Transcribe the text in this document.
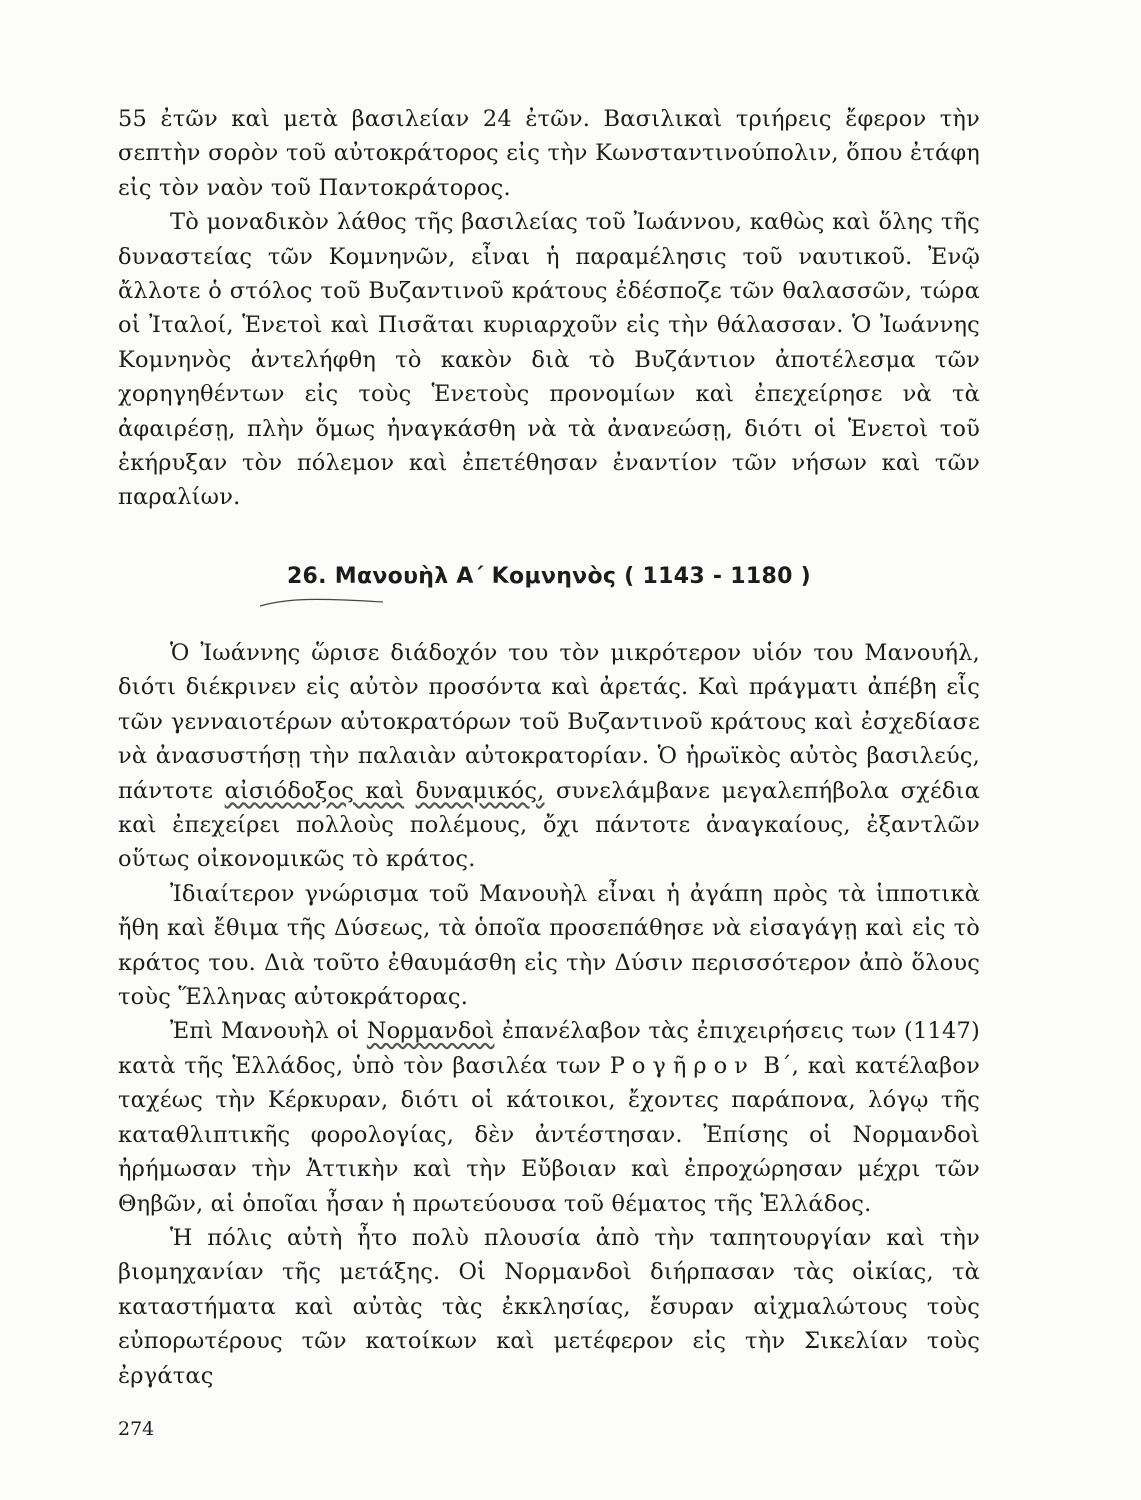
55 ἐτῶν καὶ μετὰ βασιλείαν 24 ἐτῶν. Βασιλικαὶ τριήρεις ἔφερον τὴν σεπτὴν σορὸν τοῦ αὐτοκράτορος εἰς τὴν Κωνσταντινούπολιν, ὅπου ἐτάφη εἰς τὸν ναὸν τοῦ Παντοκράτορος.

Τὸ μοναδικὸν λάθος τῆς βασιλείας τοῦ Ἰωάννου, καθὼς καὶ ὅλης τῆς δυναστείας τῶν Κομνηνῶν, εἶναι ἡ παραμέλησις τοῦ ναυτικοῦ. Ἐνῷ ἄλλοτε ὁ στόλος τοῦ Βυζαντινοῦ κράτους ἐδέσποζε τῶν θαλασσῶν, τώρα οἱ Ἰταλοί, Ἑνετοὶ καὶ Πισᾶται κυριαρχοῦν εἰς τὴν θάλασσαν. Ὁ Ἰωάννης Κομνηνὸς ἀντελήφθη τὸ κακὸν διὰ τὸ Βυζάντιον ἀποτέλεσμα τῶν χορηγηθέντων εἰς τοὺς Ἑνετοὺς προνομίων καὶ ἐπεχείρησε νὰ τὰ ἀφαιρέσῃ, πλὴν ὅμως ἠναγκάσθη νὰ τὰ ἀνανεώσῃ, διότι οἱ Ἑνετοὶ τοῦ ἐκήρυξαν τὸν πόλεμον καὶ ἐπετέθησαν ἐναντίον τῶν νήσων καὶ τῶν παραλίων.

26. Μανουὴλ Α΄ Κομνηνὸς ( 1143 - 1180 )

Ὁ Ἰωάννης ὥρισε διάδοχόν του τὸν μικρότερον υἱόν του Μανουήλ, διότι διέκρινεν εἰς αὐτὸν προσόντα καὶ ἀρετάς. Καὶ πράγματι ἀπέβη εἷς τῶν γενναιοτέρων αὐτοκρατόρων τοῦ Βυζαντινοῦ κράτους καὶ ἐσχεδίασε νὰ ἀνασυστήσῃ τὴν παλαιὰν αὐτοκρατορίαν. Ὁ ἡρωϊκὸς αὐτὸς βασιλεύς, πάντοτε αἰσιόδοξος καὶ δυναμικός, συνελάμβανε μεγαλεπήβολα σχέδια καὶ ἐπεχείρει πολλοὺς πολέμους, ὄχι πάντοτε ἀναγκαίους, ἐξαντλῶν οὕτως οἰκονομικῶς τὸ κράτος.

Ἰδιαίτερον γνώρισμα τοῦ Μανουὴλ εἶναι ἡ ἀγάπη πρὸς τὰ ἱπποτικὰ ἤθη καὶ ἔθιμα τῆς Δύσεως, τὰ ὁποῖα προσεπάθησε νὰ εἰσαγάγῃ καὶ εἰς τὸ κράτος του. Διὰ τοῦτο ἐθαυμάσθη εἰς τὴν Δύσιν περισσότερον ἀπὸ ὅλους τοὺς Ἕλληνας αὐτοκράτορας.

Ἐπὶ Μανουὴλ οἱ Νορμανδοὶ ἐπανέλαβον τὰς ἐπιχειρήσεις των (1147) κατὰ τῆς Ἑλλάδος, ὑπὸ τὸν βασιλέα των Ρογῆρον Β΄, καὶ κατέλαβον ταχέως τὴν Κέρκυραν, διότι οἱ κάτοικοι, ἔχοντες παράπονα, λόγῳ τῆς καταθλιπτικῆς φορολογίας, δὲν ἀντέστησαν. Ἐπίσης οἱ Νορμανδοὶ ἠρήμωσαν τὴν Ἀττικὴν καὶ τὴν Εὔβοιαν καὶ ἐπροχώρησαν μέχρι τῶν Θηβῶν, αἱ ὁποῖαι ἦσαν ἡ πρωτεύουσα τοῦ θέματος τῆς Ἑλλάδος.

Ἡ πόλις αὐτὴ ἦτο πολὺ πλουσία ἀπὸ τὴν ταπητουργίαν καὶ τὴν βιομηχανίαν τῆς μετάξης. Οἱ Νορμανδοὶ διήρπασαν τὰς οἰκίας, τὰ καταστήματα καὶ αὐτὰς τὰς ἐκκλησίας, ἔσυραν αἰχμαλώτους τοὺς εὐπορωτέρους τῶν κατοίκων καὶ μετέφερον εἰς τὴν Σικελίαν τοὺς ἐργάτας

274
